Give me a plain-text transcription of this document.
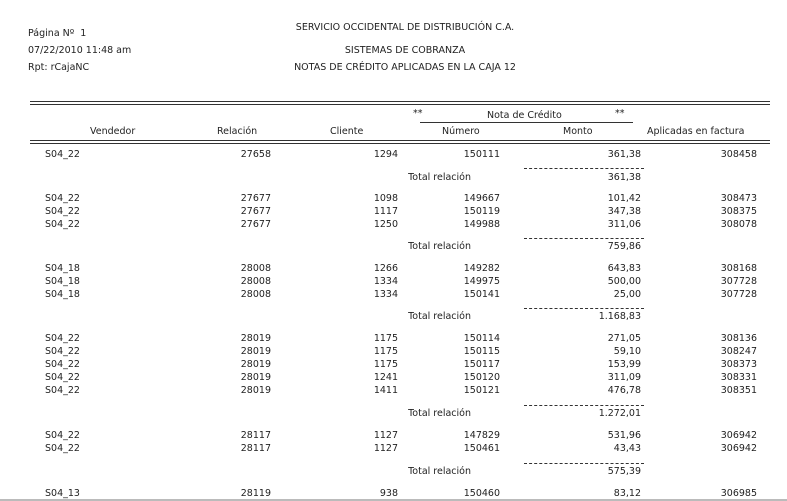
Página Nº 1
07/22/2010 11:48 am
Rpt: rCajaNC
SERVICIO OCCIDENTAL DE DISTRIBUCIÓN C.A.
SISTEMAS DE COBRANZA
NOTAS DE CRÉDITO APLICADAS EN LA CAJA 12
**	Nota de Crédito	**
Vendedor	Relación	Cliente	Número	Monto	Aplicadas en factura
S04_22	27658	1294	150111	361,38	308458
Total relación	361,38
S04_22	27677	1098	149667	101,42	308473
S04_22	27677	1117	150119	347,38	308375
S04_22	27677	1250	149988	311,06	308078
Total relación	759,86
S04_18	28008	1266	149282	643,83	308168
S04_18	28008	1334	149975	500,00	307728
S04_18	28008	1334	150141	25,00	307728
Total relación	1.168,83
S04_22	28019	1175	150114	271,05	308136
S04_22	28019	1175	150115	59,10	308247
S04_22	28019	1175	150117	153,99	308373
S04_22	28019	1241	150120	311,09	308331
S04_22	28019	1411	150121	476,78	308351
Total relación	1.272,01
S04_22	28117	1127	147829	531,96	306942
S04_22	28117	1127	150461	43,43	306942
Total relación	575,39
S04_13	28119	938	150460	83,12	306985
